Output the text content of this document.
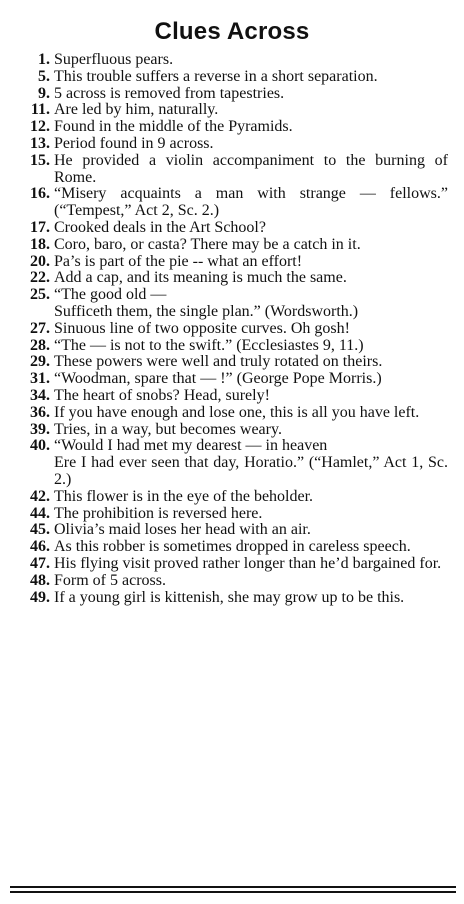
Clues Across
1. Superfluous pears.
5. This trouble suffers a reverse in a short separation.
9. 5 across is removed from tapestries.
11. Are led by him, naturally.
12. Found in the middle of the Pyramids.
13. Period found in 9 across.
15. He provided a violin accompaniment to the burning of Rome.
16. “Misery acquaints a man with strange — fellows.” (“Tempest,” Act 2, Sc. 2.)
17. Crooked deals in the Art School?
18. Coro, baro, or casta? There may be a catch in it.
20. Pa’s is part of the pie -- what an effort!
22. Add a cap, and its meaning is much the same.
25. “The good old —
Sufficeth them, the single plan.” (Wordsworth.)
27. Sinuous line of two opposite curves. Oh gosh!
28. “The — is not to the swift.” (Ecclesiastes 9, 11.)
29. These powers were well and truly rotated on theirs.
31. “Woodman, spare that — !” (George Pope Morris.)
34. The heart of snobs? Head, surely!
36. If you have enough and lose one, this is all you have left.
39. Tries, in a way, but becomes weary.
40. “Would I had met my dearest — in heaven
Ere I had ever seen that day, Horatio.” (“Hamlet,” Act 1, Sc. 2.)
42. This flower is in the eye of the beholder.
44. The prohibition is reversed here.
45. Olivia’s maid loses her head with an air.
46. As this robber is sometimes dropped in careless speech.
47. His flying visit proved rather longer than he’d bargained for.
48. Form of 5 across.
49. If a young girl is kittenish, she may grow up to be this.
